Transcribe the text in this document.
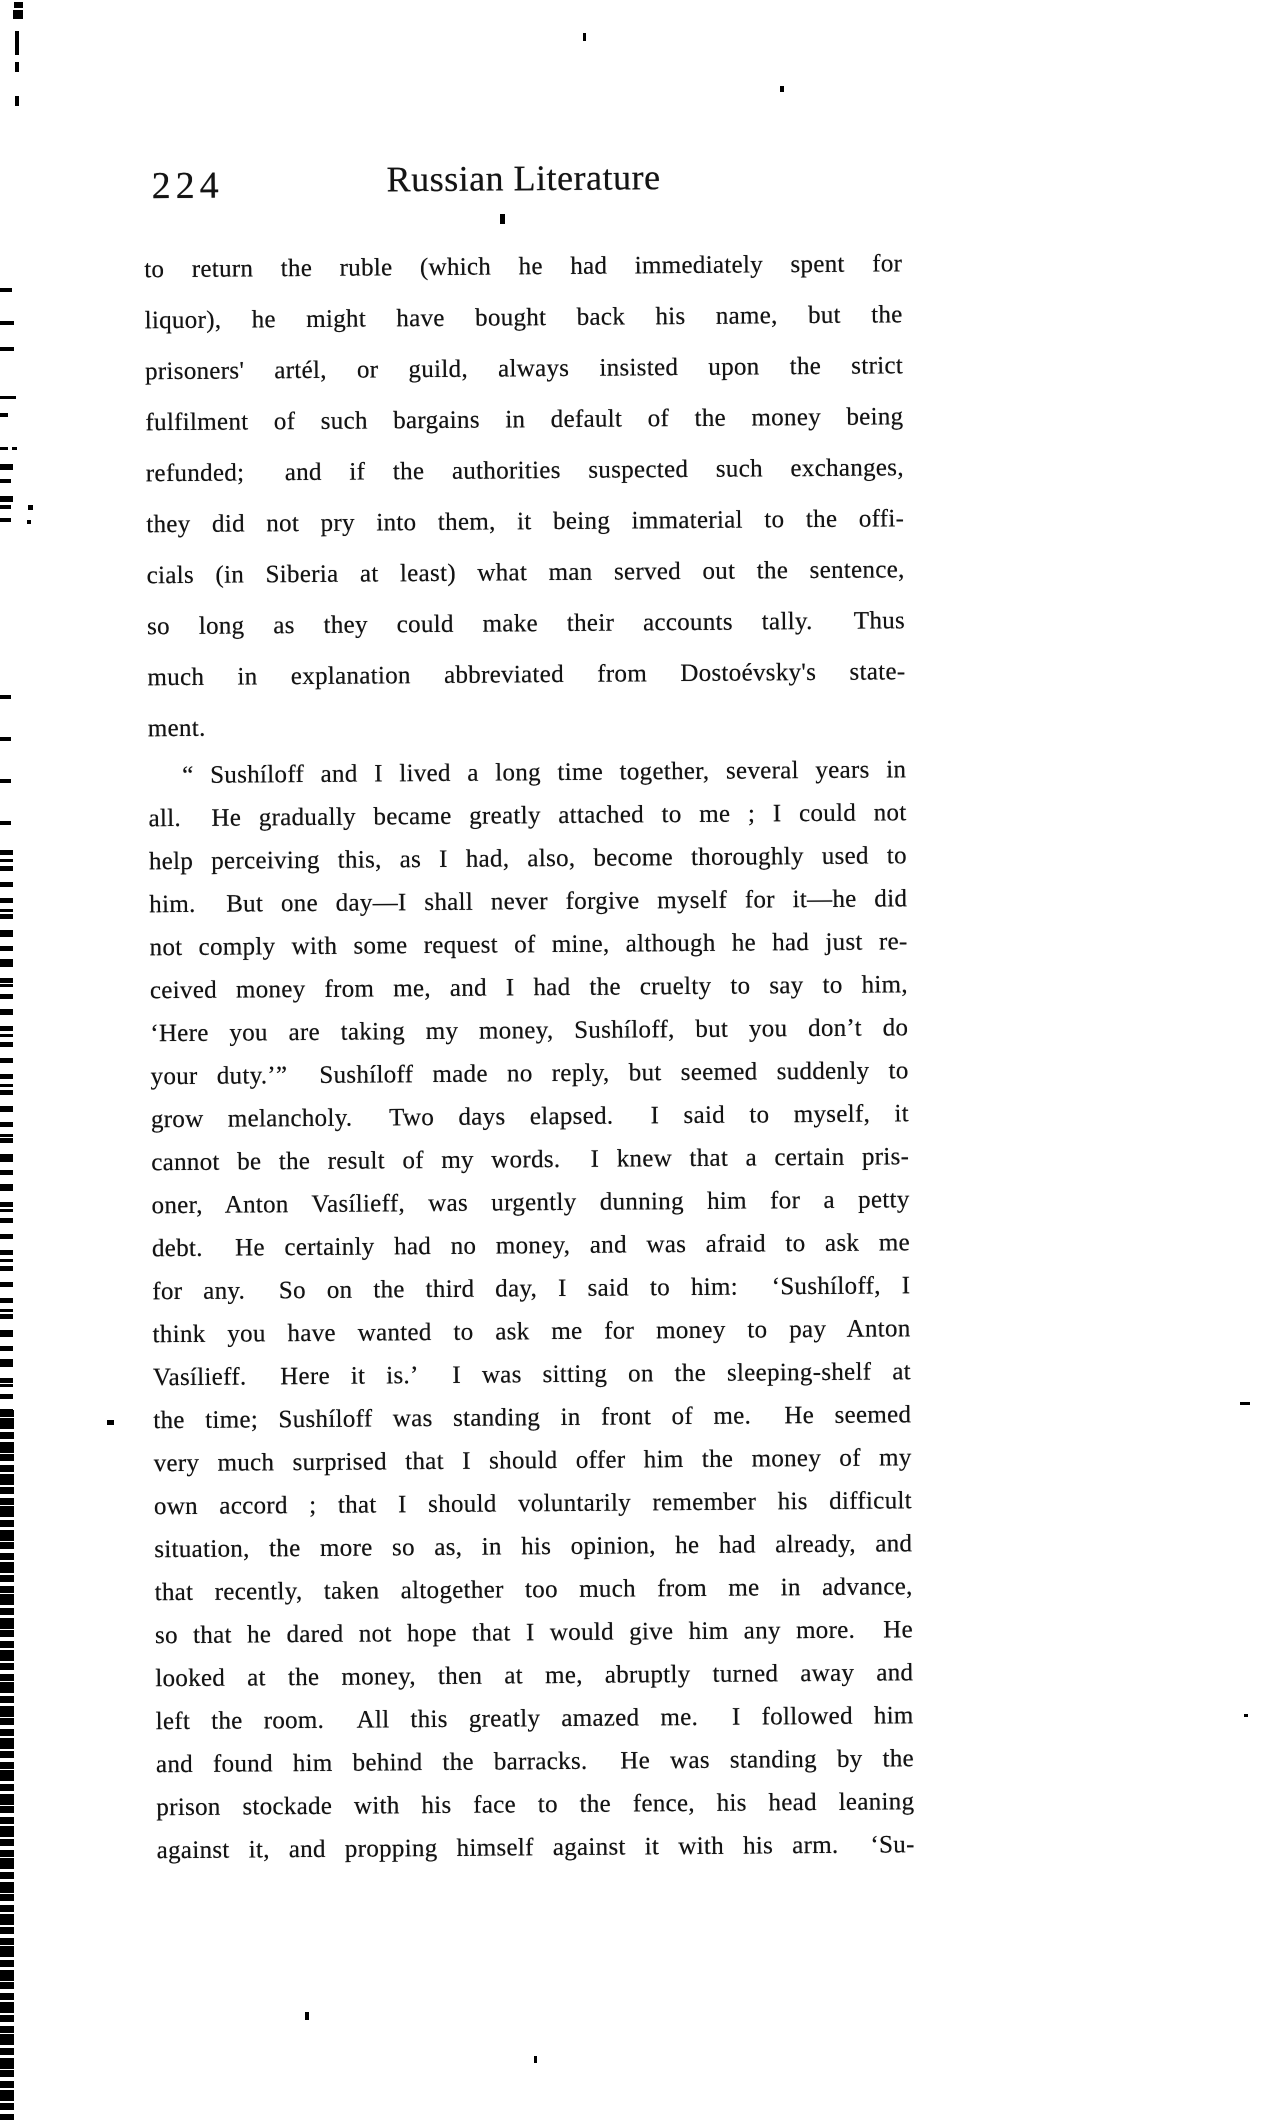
224	Russian Literature
to return the ruble (which he had immediately spent for
liquor), he might have bought back his name, but the
prisoners' artél, or guild, always insisted upon the strict
fulfilment of such bargains in default of the money being
refunded;  and if the authorities suspected such exchanges,
they did not pry into them, it being immaterial to the offi-
cials (in Siberia at least) what man served out the sentence,
so long as they could make their accounts tally.  Thus
much in explanation abbreviated from Dostoévsky's state-
ment.
“ Sushíloff and I lived a long time together, several years in
all.  He gradually became greatly attached to me ; I could not
help perceiving this, as I had, also, become thoroughly used to
him.  But one day—I shall never forgive myself for it—he did
not comply with some request of mine, although he had just re-
ceived money from me, and I had the cruelty to say to him,
‘Here you are taking my money, Sushíloff, but you don’t do
your duty.’”  Sushíloff made no reply, but seemed suddenly to
grow melancholy.  Two days elapsed.  I said to myself, it
cannot be the result of my words.  I knew that a certain pris-
oner, Anton Vasílieff, was urgently dunning him for a petty
debt.  He certainly had no money, and was afraid to ask me
for any.  So on the third day, I said to him:  ‘Sushíloff, I
think you have wanted to ask me for money to pay Anton
Vasílieff.  Here it is.’  I was sitting on the sleeping-shelf at
the time; Sushíloff was standing in front of me.  He seemed
very much surprised that I should offer him the money of my
own accord ; that I should voluntarily remember his difficult
situation, the more so as, in his opinion, he had already, and
that recently, taken altogether too much from me in advance,
so that he dared not hope that I would give him any more.  He
looked at the money, then at me, abruptly turned away and
left the room.  All this greatly amazed me.  I followed him
and found him behind the barracks.  He was standing by the
prison stockade with his face to the fence, his head leaning
against it, and propping himself against it with his arm.  ‘Su-
